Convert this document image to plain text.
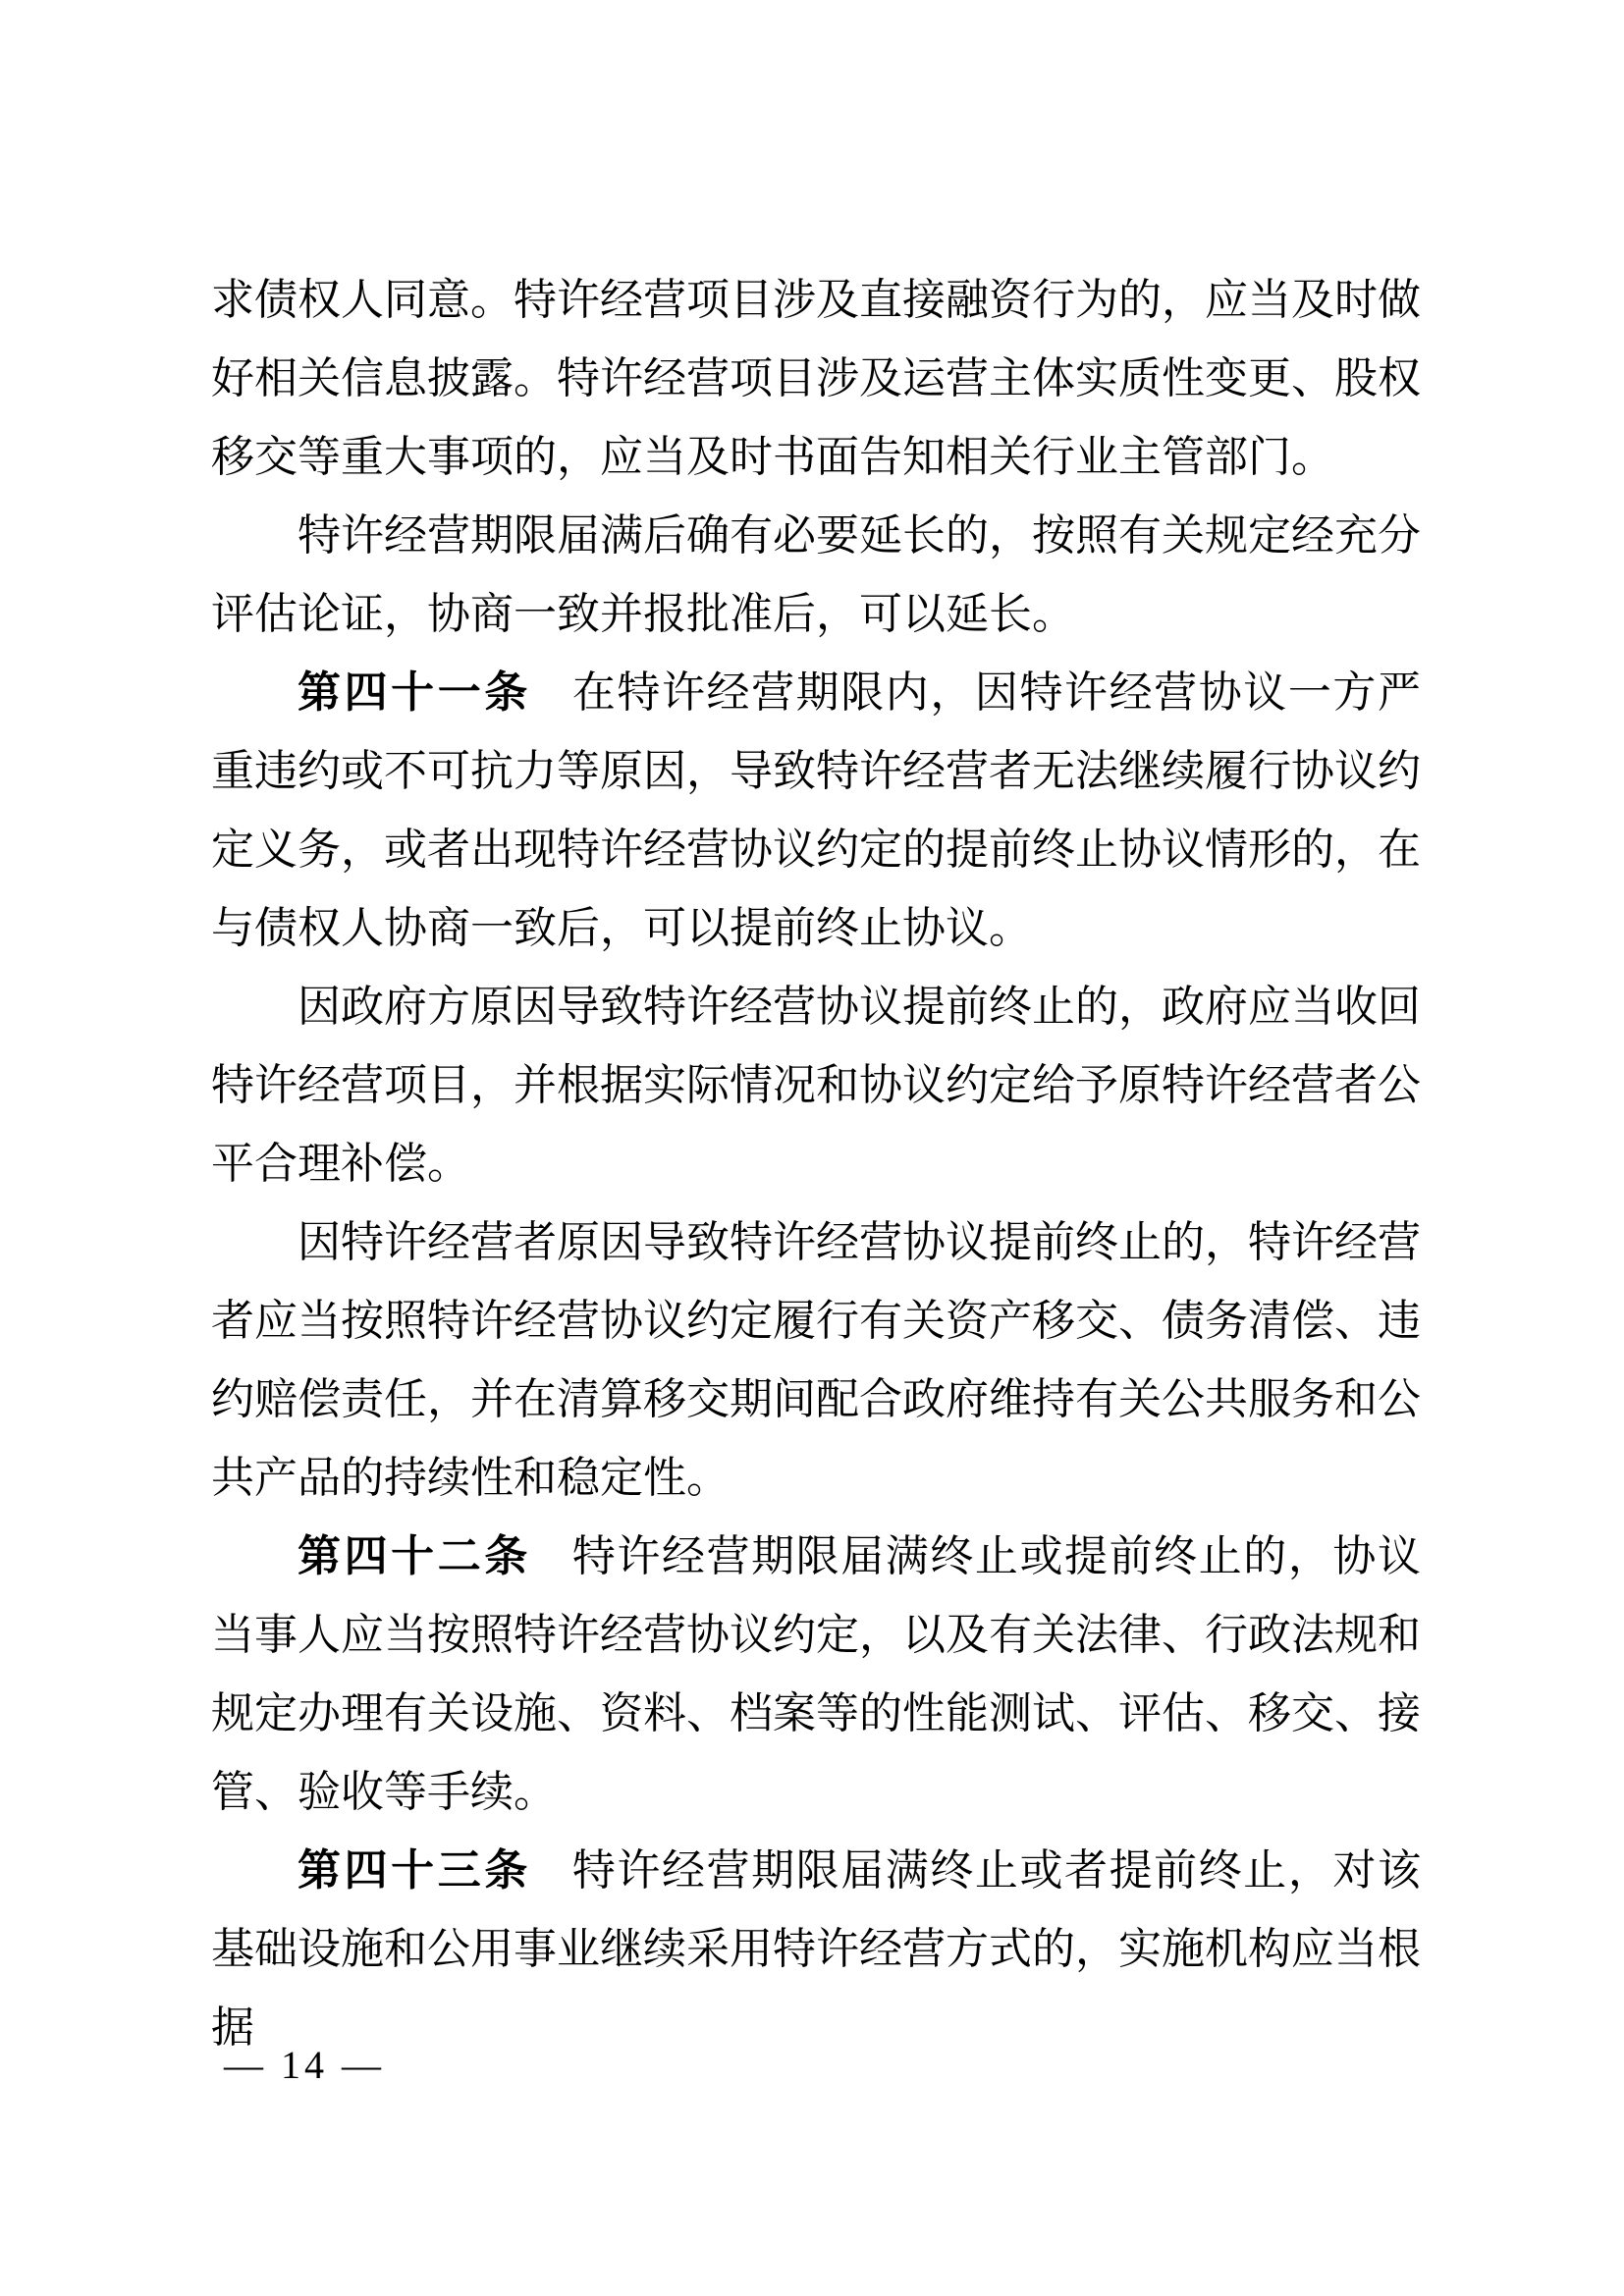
求债权人同意。特许经营项目涉及直接融资行为的，应当及时做好相关信息披露。特许经营项目涉及运营主体实质性变更、股权移交等重大事项的，应当及时书面告知相关行业主管部门。
特许经营期限届满后确有必要延长的，按照有关规定经充分评估论证，协商一致并报批准后，可以延长。
第四十一条 在特许经营期限内，因特许经营协议一方严重违约或不可抗力等原因，导致特许经营者无法继续履行协议约定义务，或者出现特许经营协议约定的提前终止协议情形的，在与债权人协商一致后，可以提前终止协议。
因政府方原因导致特许经营协议提前终止的，政府应当收回特许经营项目，并根据实际情况和协议约定给予原特许经营者公平合理补偿。
因特许经营者原因导致特许经营协议提前终止的，特许经营者应当按照特许经营协议约定履行有关资产移交、债务清偿、违约赔偿责任，并在清算移交期间配合政府维持有关公共服务和公共产品的持续性和稳定性。
第四十二条 特许经营期限届满终止或提前终止的，协议当事人应当按照特许经营协议约定，以及有关法律、行政法规和规定办理有关设施、资料、档案等的性能测试、评估、移交、接管、验收等手续。
第四十三条 特许经营期限届满终止或者提前终止，对该基础设施和公用事业继续采用特许经营方式的，实施机构应当根据
— 14 —
